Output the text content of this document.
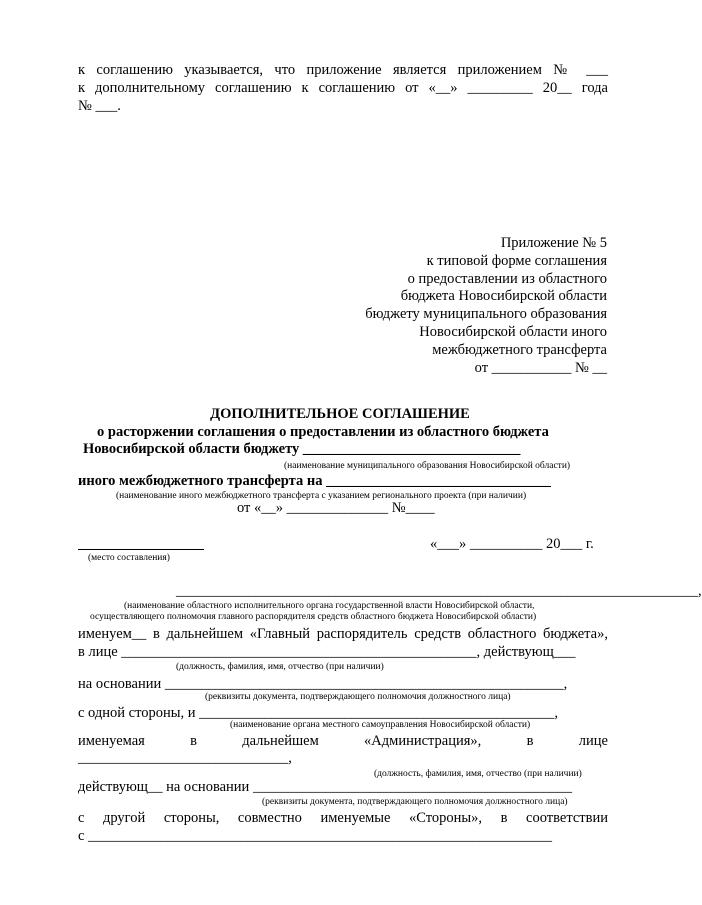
к соглашению указывается, что приложение является приложением № ___
к дополнительному соглашению к соглашению от «__» _________ 20__ года
№ ___.
Приложение № 5
к типовой форме соглашения
о предоставлении из областного
бюджета Новосибирской области
бюджету муниципального образования
Новосибирской области иного
межбюджетного трансферта
от ___________ № __
ДОПОЛНИТЕЛЬНОЕ СОГЛАШЕНИЕ
о расторжении соглашения о предоставлении из областного бюджета
Новосибирской области бюджету ______________________________
(наименование муниципального образования Новосибирской области)
иного межбюджетного трансферта на _______________________________
(наименование иного межбюджетного трансферта с указанием регионального проекта (при наличии)
от «__» ______________ №____
«___» __________ 20___ г.
(место составления)
________________________________________________________________________,
(наименование областного исполнительного органа государственной власти Новосибирской области,
осуществляющего полномочия главного распорядителя средств областного бюджета Новосибирской области)
именуем__ в дальнейшем «Главный распорядитель средств областного бюджета»,
в лице _________________________________________________, действующ___
(должность, фамилия, имя, отчество (при наличии)
на основании _______________________________________________________,
(реквизиты документа, подтверждающего полномочия должностного лица)
с одной стороны, и _________________________________________________,
(наименование органа местного самоуправления Новосибирской области)
именуемая	в	дальнейшем	«Администрация»,	в	лице
_____________________________,
(должность, фамилия, имя, отчество (при наличии)
действующ__ на основании ____________________________________________
(реквизиты документа, подтверждающего полномочия должностного лица)
с другой стороны, совместно именуемые «Стороны», в соответствии
с ________________________________________________________________
